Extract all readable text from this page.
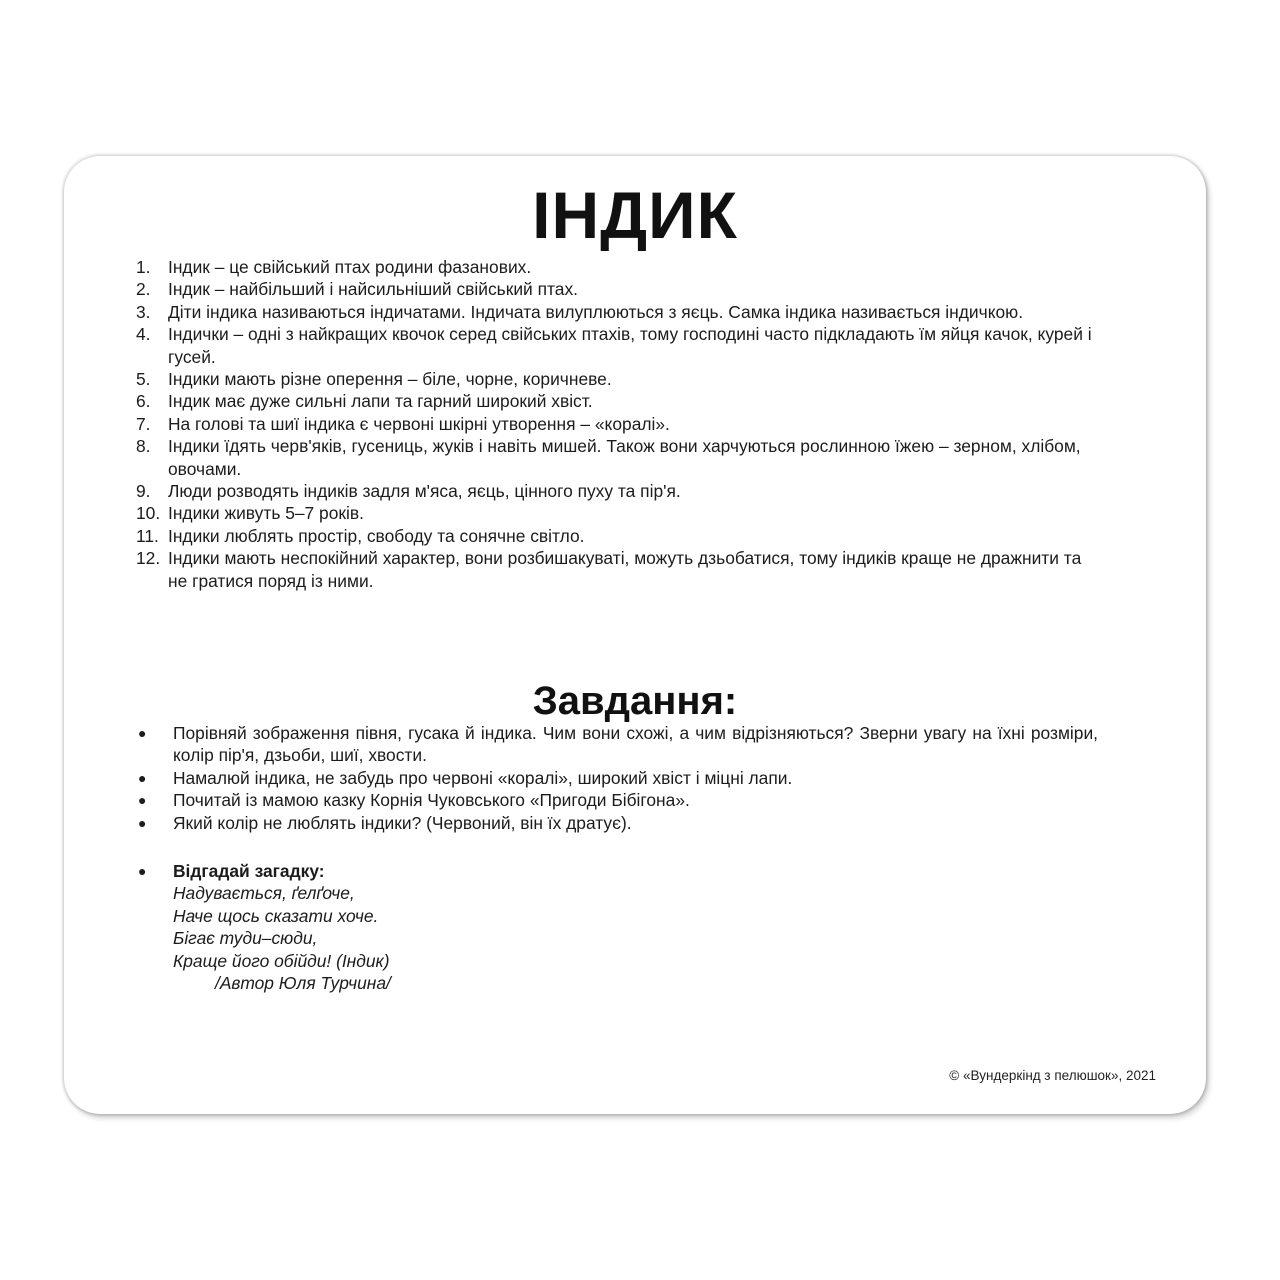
ІНДИК
1.	Індик – це свійський птах родини фазанових.
2.	Індик – найбільший і найсильніший свійський птах.
3.	Діти індика називаються індичатами. Індичата вилуплюються з яєць. Самка індика називається індичкою.
4.	Індички – одні з найкращих квочок серед свійських птахів, тому господині часто підкладають їм яйця качок, курей і гусей.
5.	Індики мають різне оперення – біле, чорне, коричневе.
6.	Індик має дуже сильні лапи та гарний широкий хвіст.
7.	На голові та шиї індика є червоні шкірні утворення – «коралі».
8.	Індики їдять черв'яків, гусениць, жуків і навіть мишей. Також вони харчуються рослинною їжею – зерном, хлібом, овочами.
9.	Люди розводять індиків задля м'яса, яєць, цінного пуху та пір'я.
10. Індики живуть 5–7 років.
11. Індики люблять простір, свободу та сонячне світло.
12. Індики мають неспокійний характер, вони розбишакуваті, можуть дзьобатися, тому індиків краще не дражнити та не гратися поряд із ними.
Завдання:
●	Порівняй зображення півня, гусака й індика. Чим вони схожі, а чим відрізняються? Зверни увагу на їхні розміри, колір пір'я, дзьоби, шиї, хвости.
●	Намалюй індика, не забудь про червоні «коралі», широкий хвіст і міцні лапи.
●	Почитай із мамою казку Корнія Чуковського «Пригоди Бібігона».
●	Який колір не люблять індики? (Червоний, він їх дратує).
●	Відгадай загадку:
Надувається, ґелґоче,
Наче щось сказати хоче.
Бігає туди–сюди,
Краще його обійди! (Індик)
/Автор Юля Турчина/
© «Вундеркінд з пелюшок», 2021
